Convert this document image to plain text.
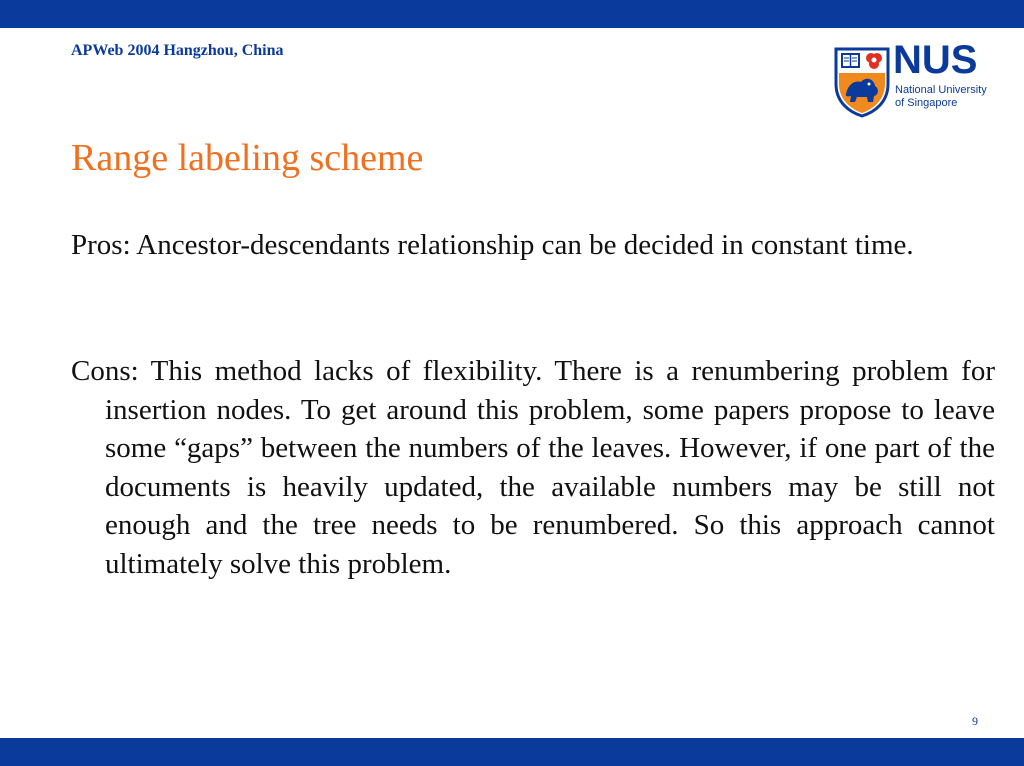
APWeb 2004 Hangzhou, China	NUS
National University
of Singapore
Range labeling scheme
Pros: Ancestor-descendants relationship can be decided in constant time.
Cons: This method lacks of flexibility. There is a renumbering problem for insertion nodes. To get around this problem, some papers propose to leave some “gaps” between the numbers of the leaves. However, if one part of the documents is heavily updated, the available numbers may be still not enough and the tree needs to be renumbered. So this approach cannot ultimately solve this problem.
9
